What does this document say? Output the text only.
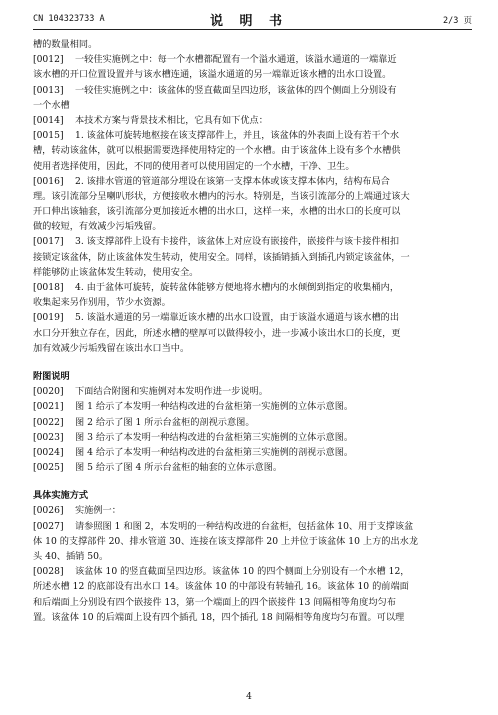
CN 104323733 A	说 明 书	2/3 页
槽的数量相同。
[0012] 一较佳实施例之中：每一个水槽都配置有一个溢水通道，该溢水通道的一端靠近
该水槽的开口位置设置并与该水槽连通，该溢水通道的另一端靠近该水槽的出水口设置。
[0013] 一较佳实施例之中：该盆体的竖直截面呈四边形，该盆体的四个侧面上分别设有
一个水槽
[0014] 本技术方案与背景技术相比，它具有如下优点：
[0015] 1. 该盆体可旋转地枢接在该支撑部件上，并且，该盆体的外表面上设有若干个水
槽，转动该盆体，就可以根据需要选择使用特定的一个水槽。由于该盆体上设有多个水槽供
使用者选择使用，因此，不同的使用者可以使用固定的一个水槽，干净、卫生。
[0016] 2. 该排水管道的管道部分埋设在该第一支撑本体或该支撑本体内，结构布局合
理。该引流部分呈喇叭形状，方便接收水槽内的污水。特别是，当该引流部分的上端通过该大
开口伸出该轴套，该引流部分更加接近水槽的出水口，这样一来，水槽的出水口的长度可以
做的较短，有效减少污垢残留。
[0017] 3. 该支撑部件上设有卡接件，该盆体上对应设有嵌接件，嵌接件与该卡接件相扣
接锁定该盆体，防止该盆体发生转动，使用安全。同样，该插销插入到插孔内锁定该盆体，一
样能够防止该盆体发生转动，使用安全。
[0018] 4. 由于盆体可旋转，旋转盆体能够方便地将水槽内的水倾倒到指定的收集桶内，
收集起来另作别用，节少水资源。
[0019] 5. 该溢水通道的另一端靠近该水槽的出水口设置，由于该溢水通道与该水槽的出
水口分开独立存在，因此，所述水槽的壁厚可以做得较小，进一步减小该出水口的长度，更
加有效减少污垢残留在该出水口当中。
附图说明
[0020] 下面结合附图和实施例对本发明作进一步说明。
[0021] 图 1 给示了本发明一种结构改进的台盆柜第一实施例的立体示意图。
[0022] 图 2 给示了图 1 所示台盆柜的剖视示意图。
[0023] 图 3 给示了本发明一种结构改进的台盆柜第三实施例的立体示意图。
[0024] 图 4 给示了本发明一种结构改进的台盆柜第三实施例的剖视示意图。
[0025] 图 5 给示了图 4 所示台盆柜的轴套的立体示意图。
具体实施方式
[0026] 实施例一：
[0027] 请参照图 1 和图 2，本发明的一种结构改进的台盆柜，包括盆体 10、用于支撑该盆
体 10 的支撑部件 20、排水管道 30、连接在该支撑部件 20 上并位于该盆体 10 上方的出水龙
头 40、插销 50。
[0028] 该盆体 10 的竖直截面呈四边形。该盆体 10 的四个侧面上分别设有一个水槽 12，
所述水槽 12 的底部设有出水口 14。该盆体 10 的中部设有转轴孔 16。该盆体 10 的前端面
和后端面上分别设有四个嵌接件 13，第一个端面上的四个嵌接件 13 间隔相等角度均匀布
置。该盆体 10 的后端面上设有四个插孔 18，四个插孔 18 间隔相等角度均匀布置。可以理
4
